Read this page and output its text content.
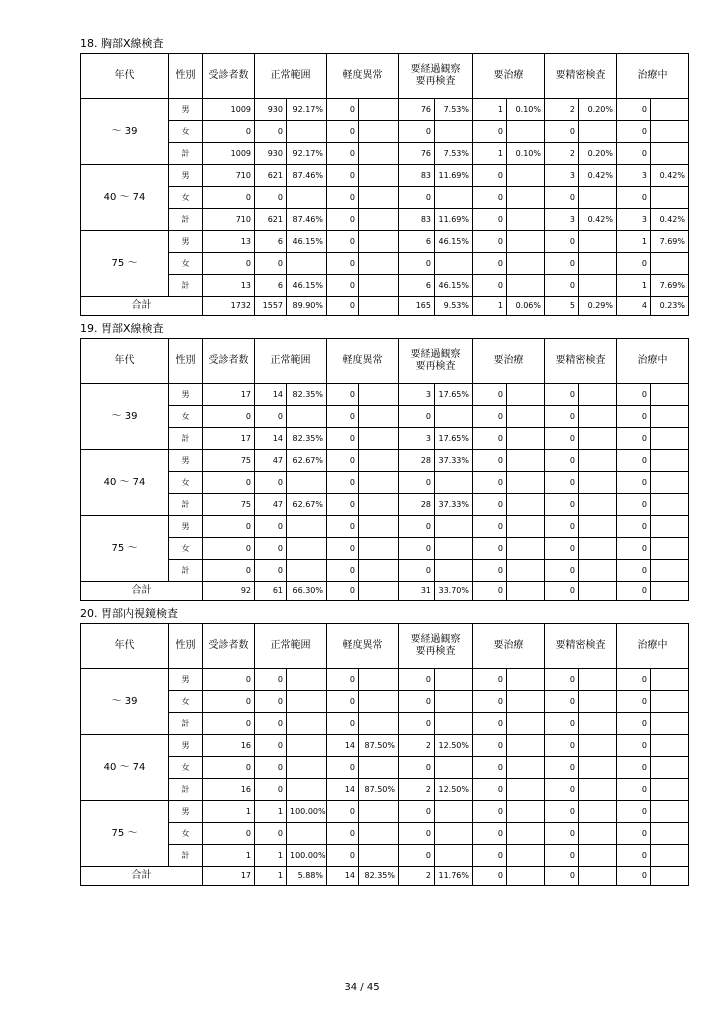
18. 胸部X線検査
年代	性別	受診者数	正常範囲		軽度異常		要経過観察
要再検査		要治療		要精密検査		治療中	
～ 39	男	1009	930	92.17%	0		76	7.53%	1	0.10%	2	0.20%	0	
	女	0	0		0		0		0		0		0	
	計	1009	930	92.17%	0		76	7.53%	1	0.10%	2	0.20%	0	
40 ～ 74	男	710	621	87.46%	0		83	11.69%	0		3	0.42%	3	0.42%
	女	0	0		0		0		0		0		0	
	計	710	621	87.46%	0		83	11.69%	0		3	0.42%	3	0.42%
75 ～	男	13	6	46.15%	0		6	46.15%	0		0		1	7.69%
	女	0	0		0		0		0		0		0	
	計	13	6	46.15%	0		6	46.15%	0		0		1	7.69%
合計		1732	1557	89.90%	0		165	9.53%	1	0.06%	5	0.29%	4	0.23%
19. 胃部X線検査
年代	性別	受診者数	正常範囲		軽度異常		要経過観察
要再検査		要治療		要精密検査		治療中	
～ 39	男	17	14	82.35%	0		3	17.65%	0		0		0	
	女	0	0		0		0		0		0		0	
	計	17	14	82.35%	0		3	17.65%	0		0		0	
40 ～ 74	男	75	47	62.67%	0		28	37.33%	0		0		0	
	女	0	0		0		0		0		0		0	
	計	75	47	62.67%	0		28	37.33%	0		0		0	
75 ～	男	0	0		0		0		0		0		0	
	女	0	0		0		0		0		0		0	
	計	0	0		0		0		0		0		0	
合計		92	61	66.30%	0		31	33.70%	0		0		0	
20. 胃部内視鏡検査
年代	性別	受診者数	正常範囲		軽度異常		要経過観察
要再検査		要治療		要精密検査		治療中	
～ 39	男	0	0		0		0		0		0		0	
	女	0	0		0		0		0		0		0	
	計	0	0		0		0		0		0		0	
40 ～ 74	男	16	0		14	87.50%	2	12.50%	0		0		0	
	女	0	0		0		0		0		0		0	
	計	16	0		14	87.50%	2	12.50%	0		0		0	
75 ～	男	1	1	100.00%	0		0		0		0		0	
	女	0	0		0		0		0		0		0	
	計	1	1	100.00%	0		0		0		0		0	
合計		17	1	5.88%	14	82.35%	2	11.76%	0		0		0	
34 / 45
